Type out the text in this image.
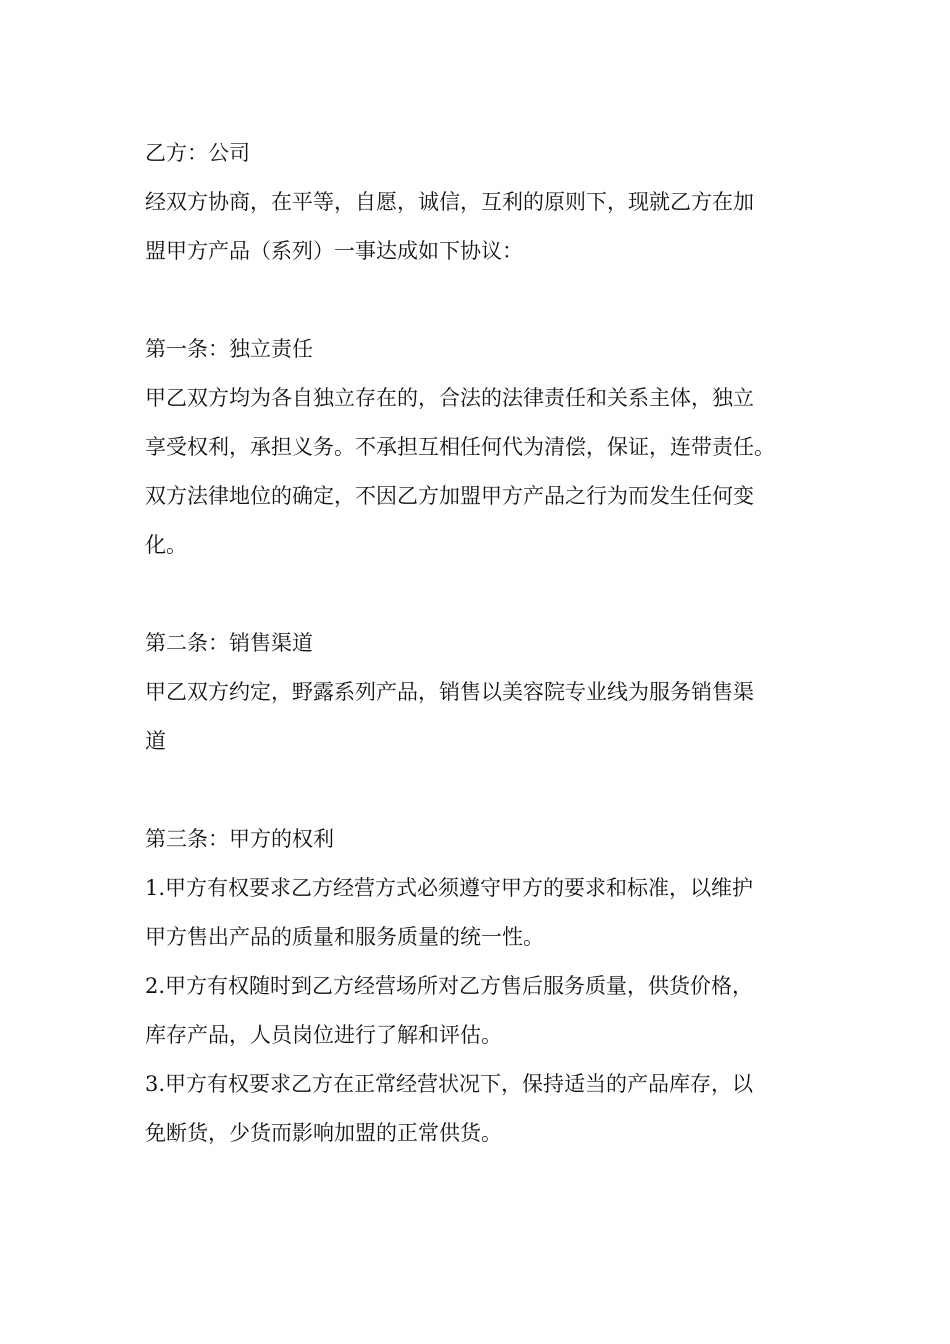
乙方：公司
经双方协商，在平等，自愿，诚信，互利的原则下，现就乙方在加
盟甲方产品（系列）一事达成如下协议：
第一条：独立责任
甲乙双方均为各自独立存在的，合法的法律责任和关系主体，独立
享受权利，承担义务。不承担互相任何代为清偿，保证，连带责任。
双方法律地位的确定，不因乙方加盟甲方产品之行为而发生任何变
化。
第二条：销售渠道
甲乙双方约定，野露系列产品，销售以美容院专业线为服务销售渠
道
第三条：甲方的权利
1.甲方有权要求乙方经营方式必须遵守甲方的要求和标准，以维护
甲方售出产品的质量和服务质量的统一性。
2.甲方有权随时到乙方经营场所对乙方售后服务质量，供货价格，
库存产品，人员岗位进行了解和评估。
3.甲方有权要求乙方在正常经营状况下，保持适当的产品库存，以
免断货，少货而影响加盟的正常供货。
